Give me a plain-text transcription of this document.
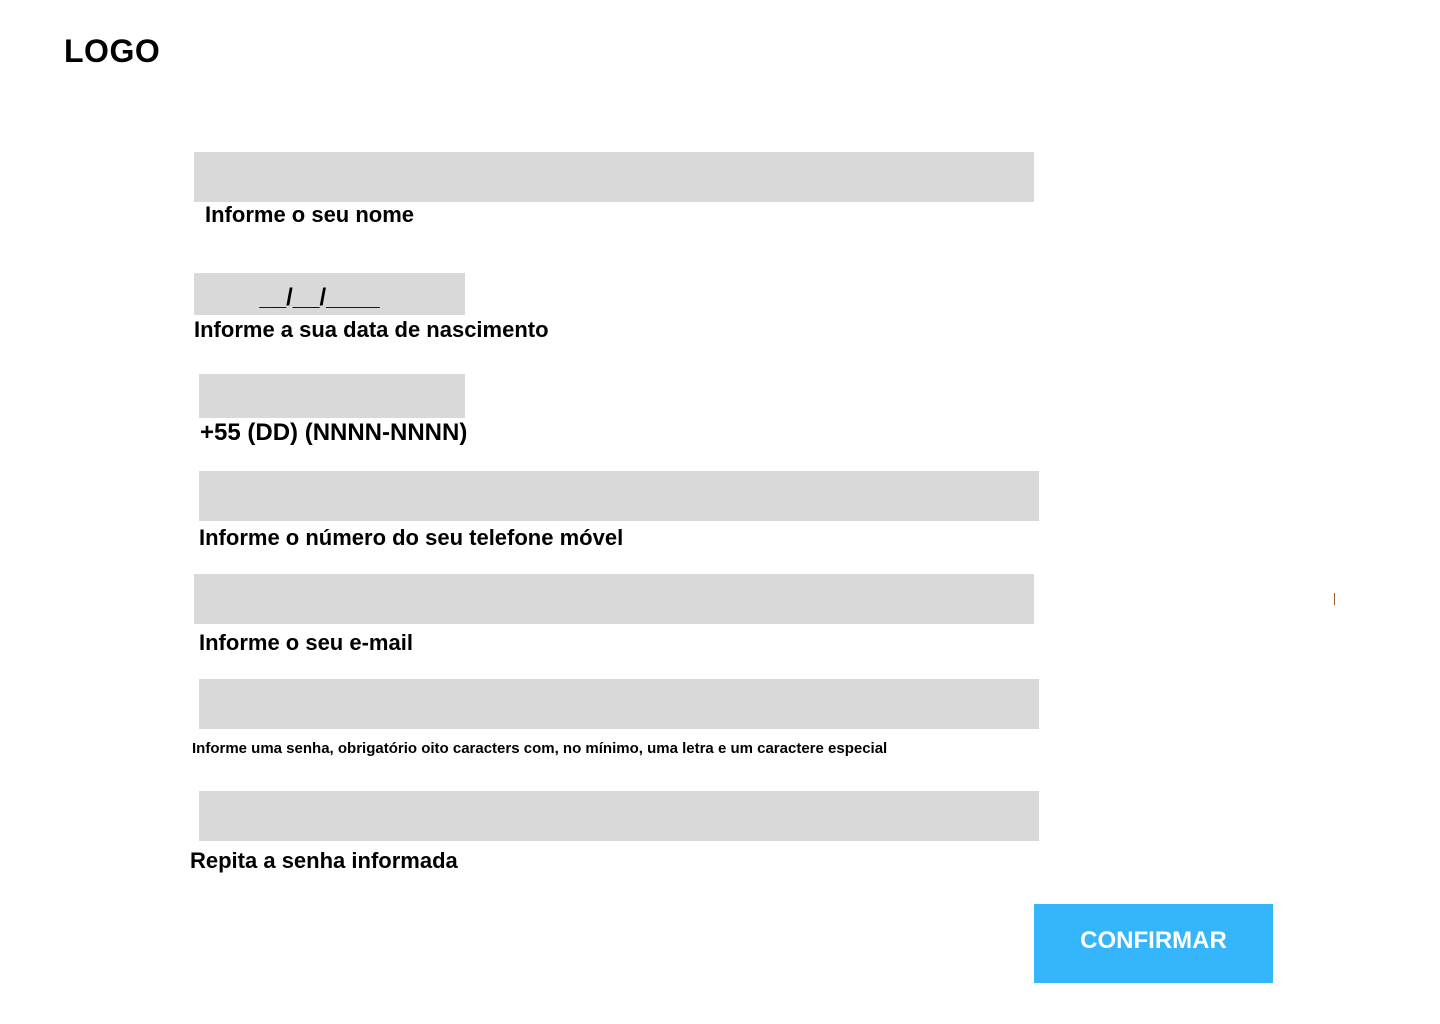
LOGO
Informe o seu nome
__/__/____
Informe a sua data de nascimento
+55 (DD) (NNNN-NNNN)
Informe o número do seu telefone móvel
Informe o seu e-mail
Informe uma senha, obrigatório oito caracters com, no mínimo, uma letra e um caractere especial
Repita a senha informada
CONFIRMAR
